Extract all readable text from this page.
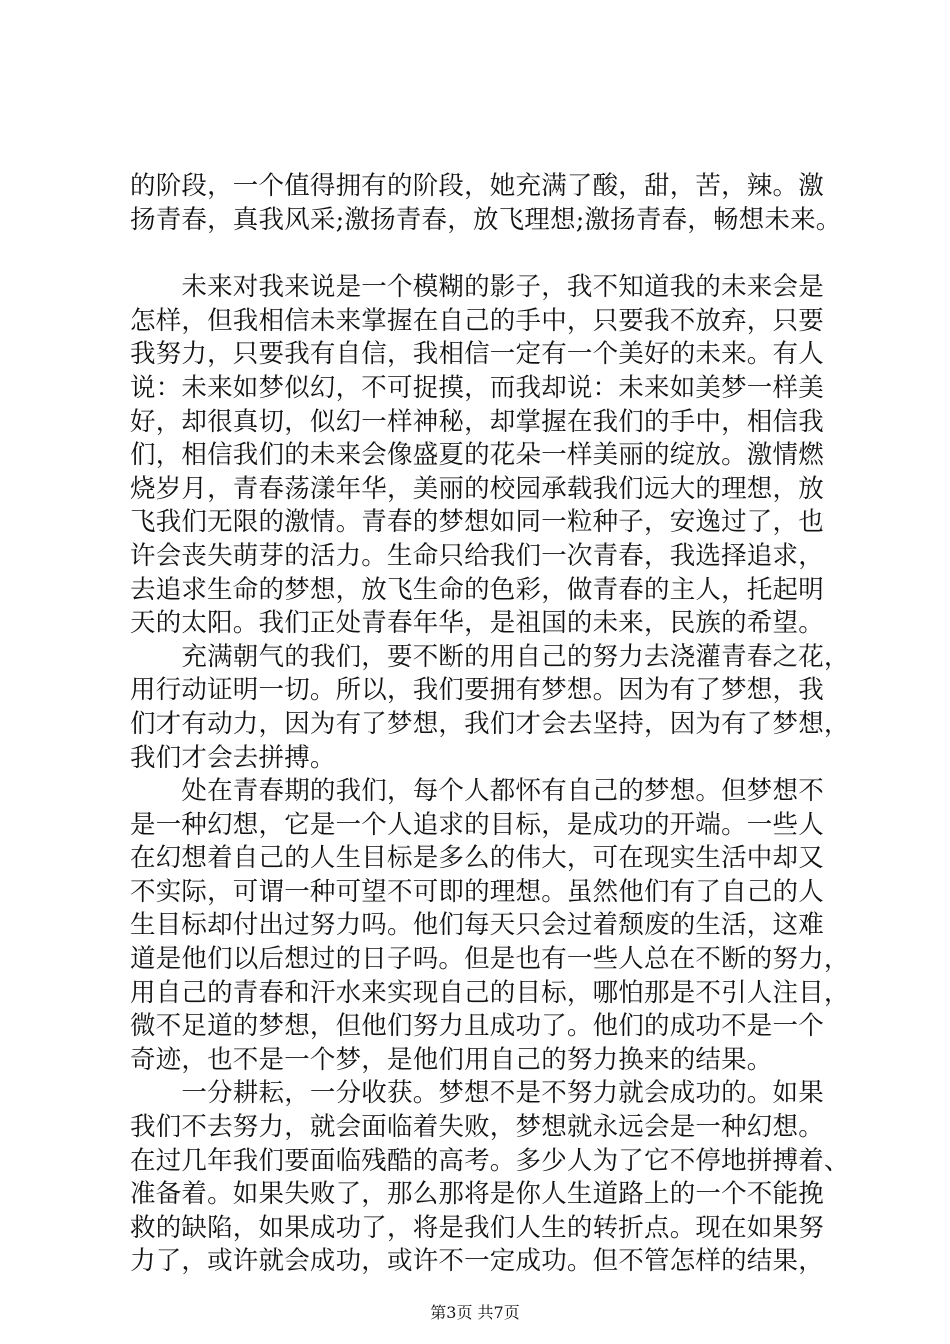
的阶段，一个值得拥有的阶段，她充满了酸，甜，苦，辣。激
扬青春，真我风采;激扬青春，放飞理想;激扬青春，畅想未来。
　　未来对我来说是一个模糊的影子，我不知道我的未来会是
怎样，但我相信未来掌握在自己的手中，只要我不放弃，只要
我努力，只要我有自信，我相信一定有一个美好的未来。有人
说：未来如梦似幻，不可捉摸，而我却说：未来如美梦一样美
好，却很真切，似幻一样神秘，却掌握在我们的手中，相信我
们，相信我们的未来会像盛夏的花朵一样美丽的绽放。激情燃
烧岁月，青春荡漾年华，美丽的校园承载我们远大的理想，放
飞我们无限的激情。青春的梦想如同一粒种子，安逸过了，也
许会丧失萌芽的活力。生命只给我们一次青春，我选择追求，
去追求生命的梦想，放飞生命的色彩，做青春的主人，托起明
天的太阳。我们正处青春年华，是祖国的未来，民族的希望。
　　充满朝气的我们，要不断的用自己的努力去浇灌青春之花，
用行动证明一切。所以，我们要拥有梦想。因为有了梦想，我
们才有动力，因为有了梦想，我们才会去坚持，因为有了梦想，
我们才会去拼搏。
　　处在青春期的我们，每个人都怀有自己的梦想。但梦想不
是一种幻想，它是一个人追求的目标，是成功的开端。一些人
在幻想着自己的人生目标是多么的伟大，可在现实生活中却又
不实际，可谓一种可望不可即的理想。虽然他们有了自己的人
生目标却付出过努力吗。他们每天只会过着颓废的生活，这难
道是他们以后想过的日子吗。但是也有一些人总在不断的努力，
用自己的青春和汗水来实现自己的目标，哪怕那是不引人注目，
微不足道的梦想，但他们努力且成功了。他们的成功不是一个
奇迹，也不是一个梦，是他们用自己的努力换来的结果。
　　一分耕耘，一分收获。梦想不是不努力就会成功的。如果
我们不去努力，就会面临着失败，梦想就永远会是一种幻想。
在过几年我们要面临残酷的高考。多少人为了它不停地拼搏着、
准备着。如果失败了，那么那将是你人生道路上的一个不能挽
救的缺陷，如果成功了，将是我们人生的转折点。现在如果努
力了，或许就会成功，或许不一定成功。但不管怎样的结果，
第3页 共7页
